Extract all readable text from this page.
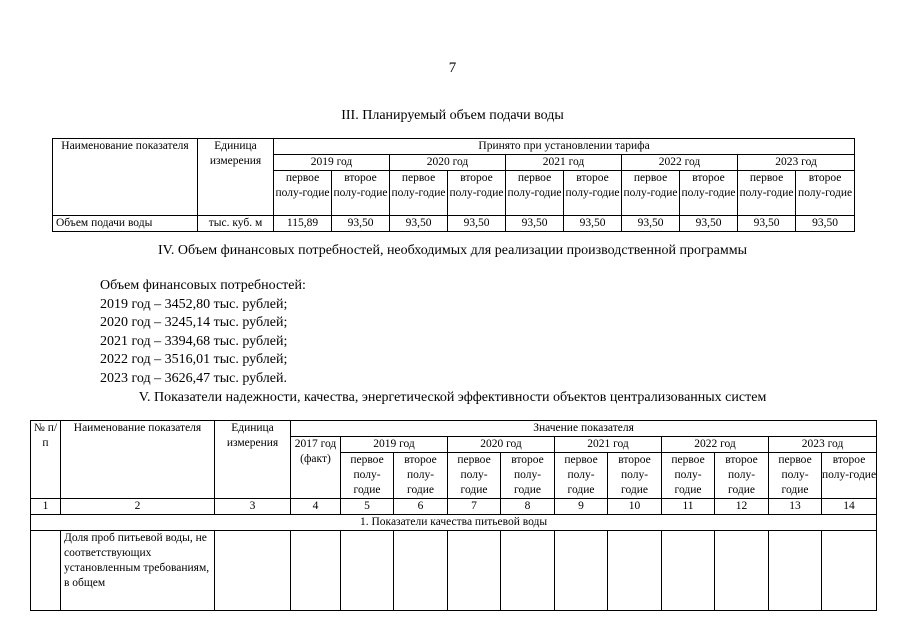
7
III. Планируемый объем подачи воды
Наименование показателя	Единица измерения	Принято при установлении тарифа									
		2019 год		2020 год		2021 год		2022 год		2023 год	
		первое полу-годие	второе полу-годие	первое полу-годие	второе полу-годие	первое полу-годие	второе полу-годие	первое полу-годие	второе полу-годие	первое полу-годие	второе полу-годие
Объем подачи воды	тыс. куб. м	115,89	93,50	93,50	93,50	93,50	93,50	93,50	93,50	93,50	93,50
IV. Объем финансовых потребностей, необходимых для реализации производственной программы
Объем финансовых потребностей:
2019 год – 3452,80 тыс. рублей;
2020 год – 3245,14 тыс. рублей;
2021 год – 3394,68 тыс. рублей;
2022 год – 3516,01 тыс. рублей;
2023 год – 3626,47 тыс. рублей.
V. Показатели надежности, качества, энергетической эффективности объектов централизованных систем
№ п/п	Наименование показателя	Единица измерения	Значение показателя										
			2017 год (факт)	2019 год		2020 год		2021 год		2022 год		2023 год	
				первое полу-годие	второе полу-годие	первое полу-годие	второе полу-годие	первое полу-годие	второе полу-годие	первое полу-годие	второе полу-годие	первое полу-годие	второе полу-годие
1	2	3	4	5	6	7	8	9	10	11	12	13	14
1. Показатели качества питьевой воды													
	Доля проб питьевой воды, не соответствующих установленным требованиям, в общем												
